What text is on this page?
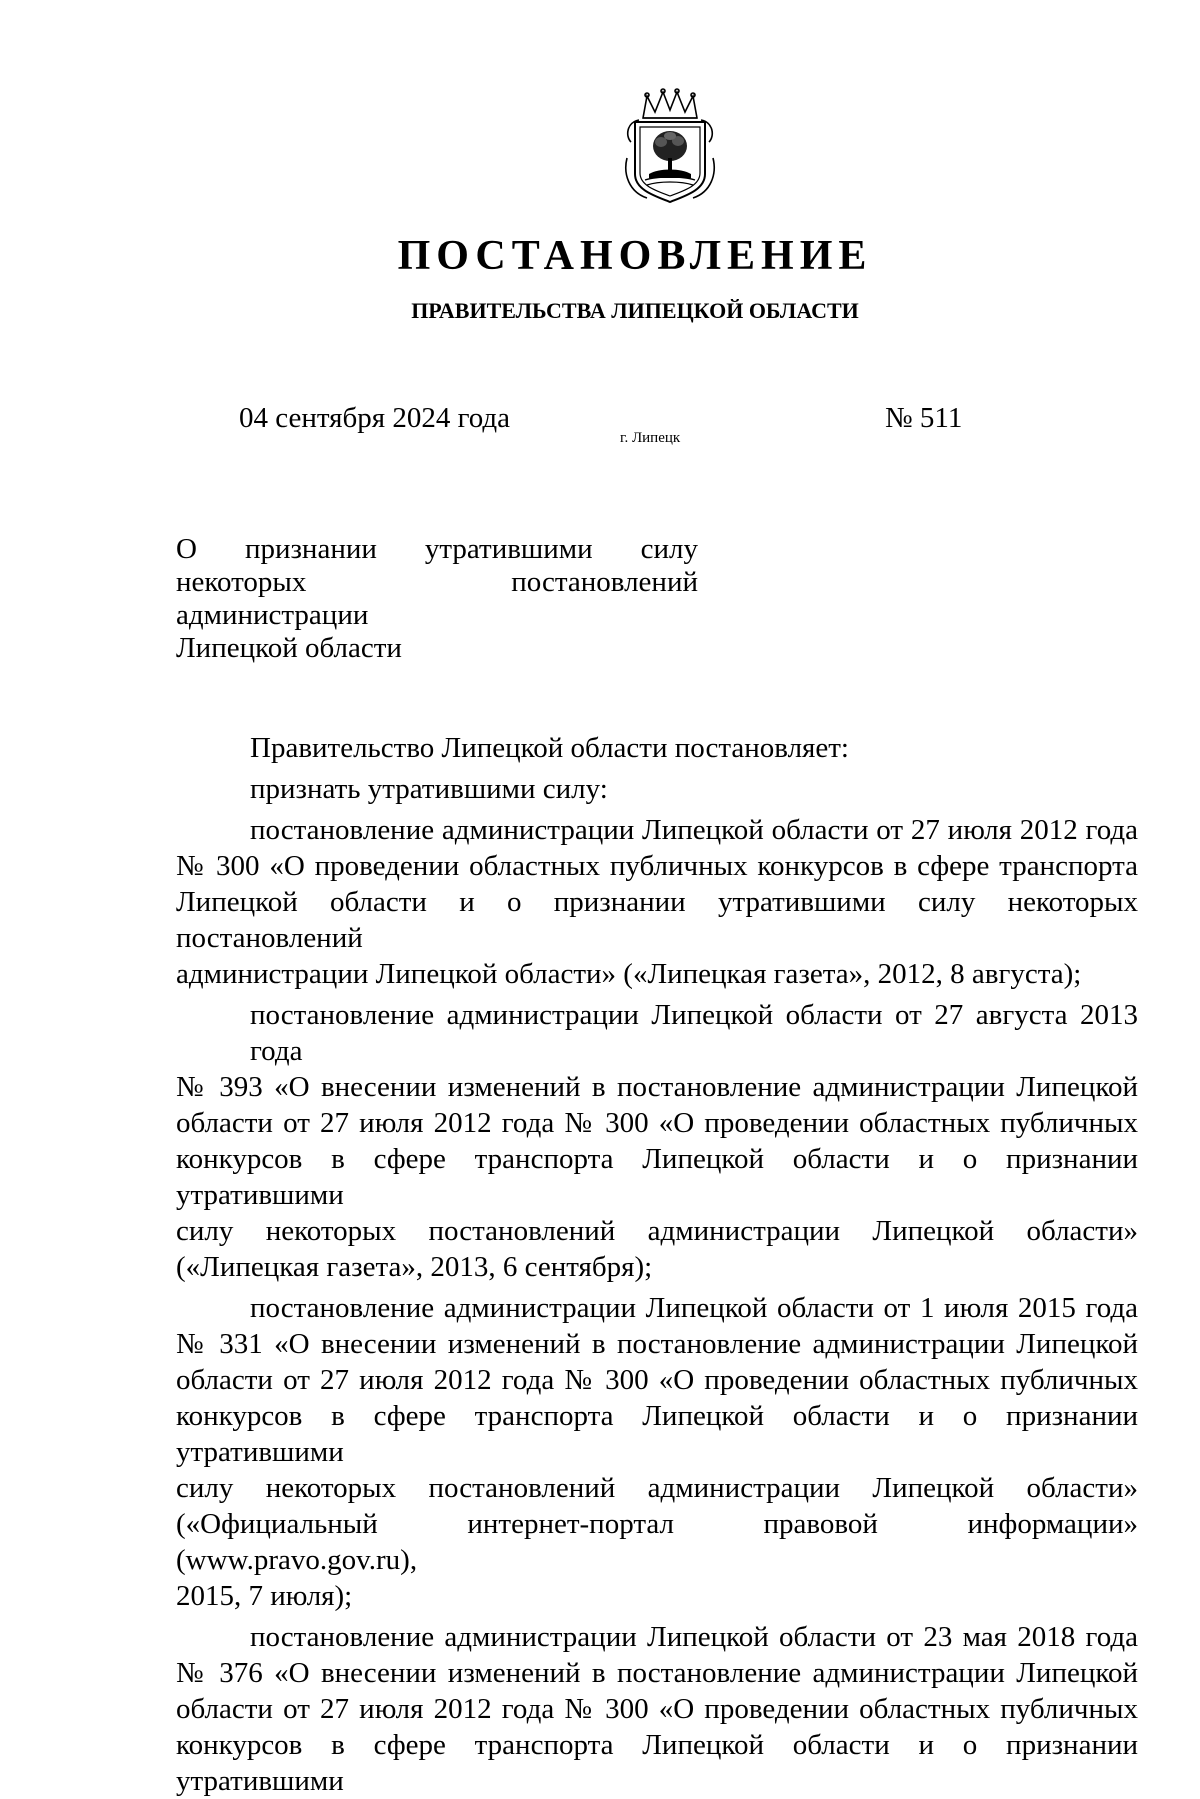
ПОСТАНОВЛЕНИЕ
ПРАВИТЕЛЬСТВА ЛИПЕЦКОЙ ОБЛАСТИ
04 сентября 2024 года
г. Липецк
№ 511

О признании утратившими силу

некоторых постановлений администрации

Липецкой области

Правительство Липецкой области постановляет:
признать утратившими силу:
постановление администрации Липецкой области от 27 июля 2012 года
№ 300 «О проведении областных публичных конкурсов в сфере транспорта
Липецкой области и о признании утратившими силу некоторых постановлений
администрации Липецкой области» («Липецкая газета», 2012, 8 августа);
постановление администрации Липецкой области от 27 августа 2013 года
№ 393 «О внесении изменений в постановление администрации Липецкой
области от 27 июля 2012 года № 300 «О проведении областных публичных
конкурсов в сфере транспорта Липецкой области и о признании утратившими
силу некоторых постановлений администрации Липецкой области»
(«Липецкая газета», 2013, 6 сентября);
постановление администрации Липецкой области от 1 июля 2015 года
№ 331 «О внесении изменений в постановление администрации Липецкой
области от 27 июля 2012 года № 300 «О проведении областных публичных
конкурсов в сфере транспорта Липецкой области и о признании утратившими
силу некоторых постановлений администрации Липецкой области»
(«Официальный интернет-портал правовой информации» (www.pravo.gov.ru),
2015, 7 июля);
постановление администрации Липецкой области от 23 мая 2018 года
№ 376 «О внесении изменений в постановление администрации Липецкой
области от 27 июля 2012 года № 300 «О проведении областных публичных
конкурсов в сфере транспорта Липецкой области и о признании утратившими
